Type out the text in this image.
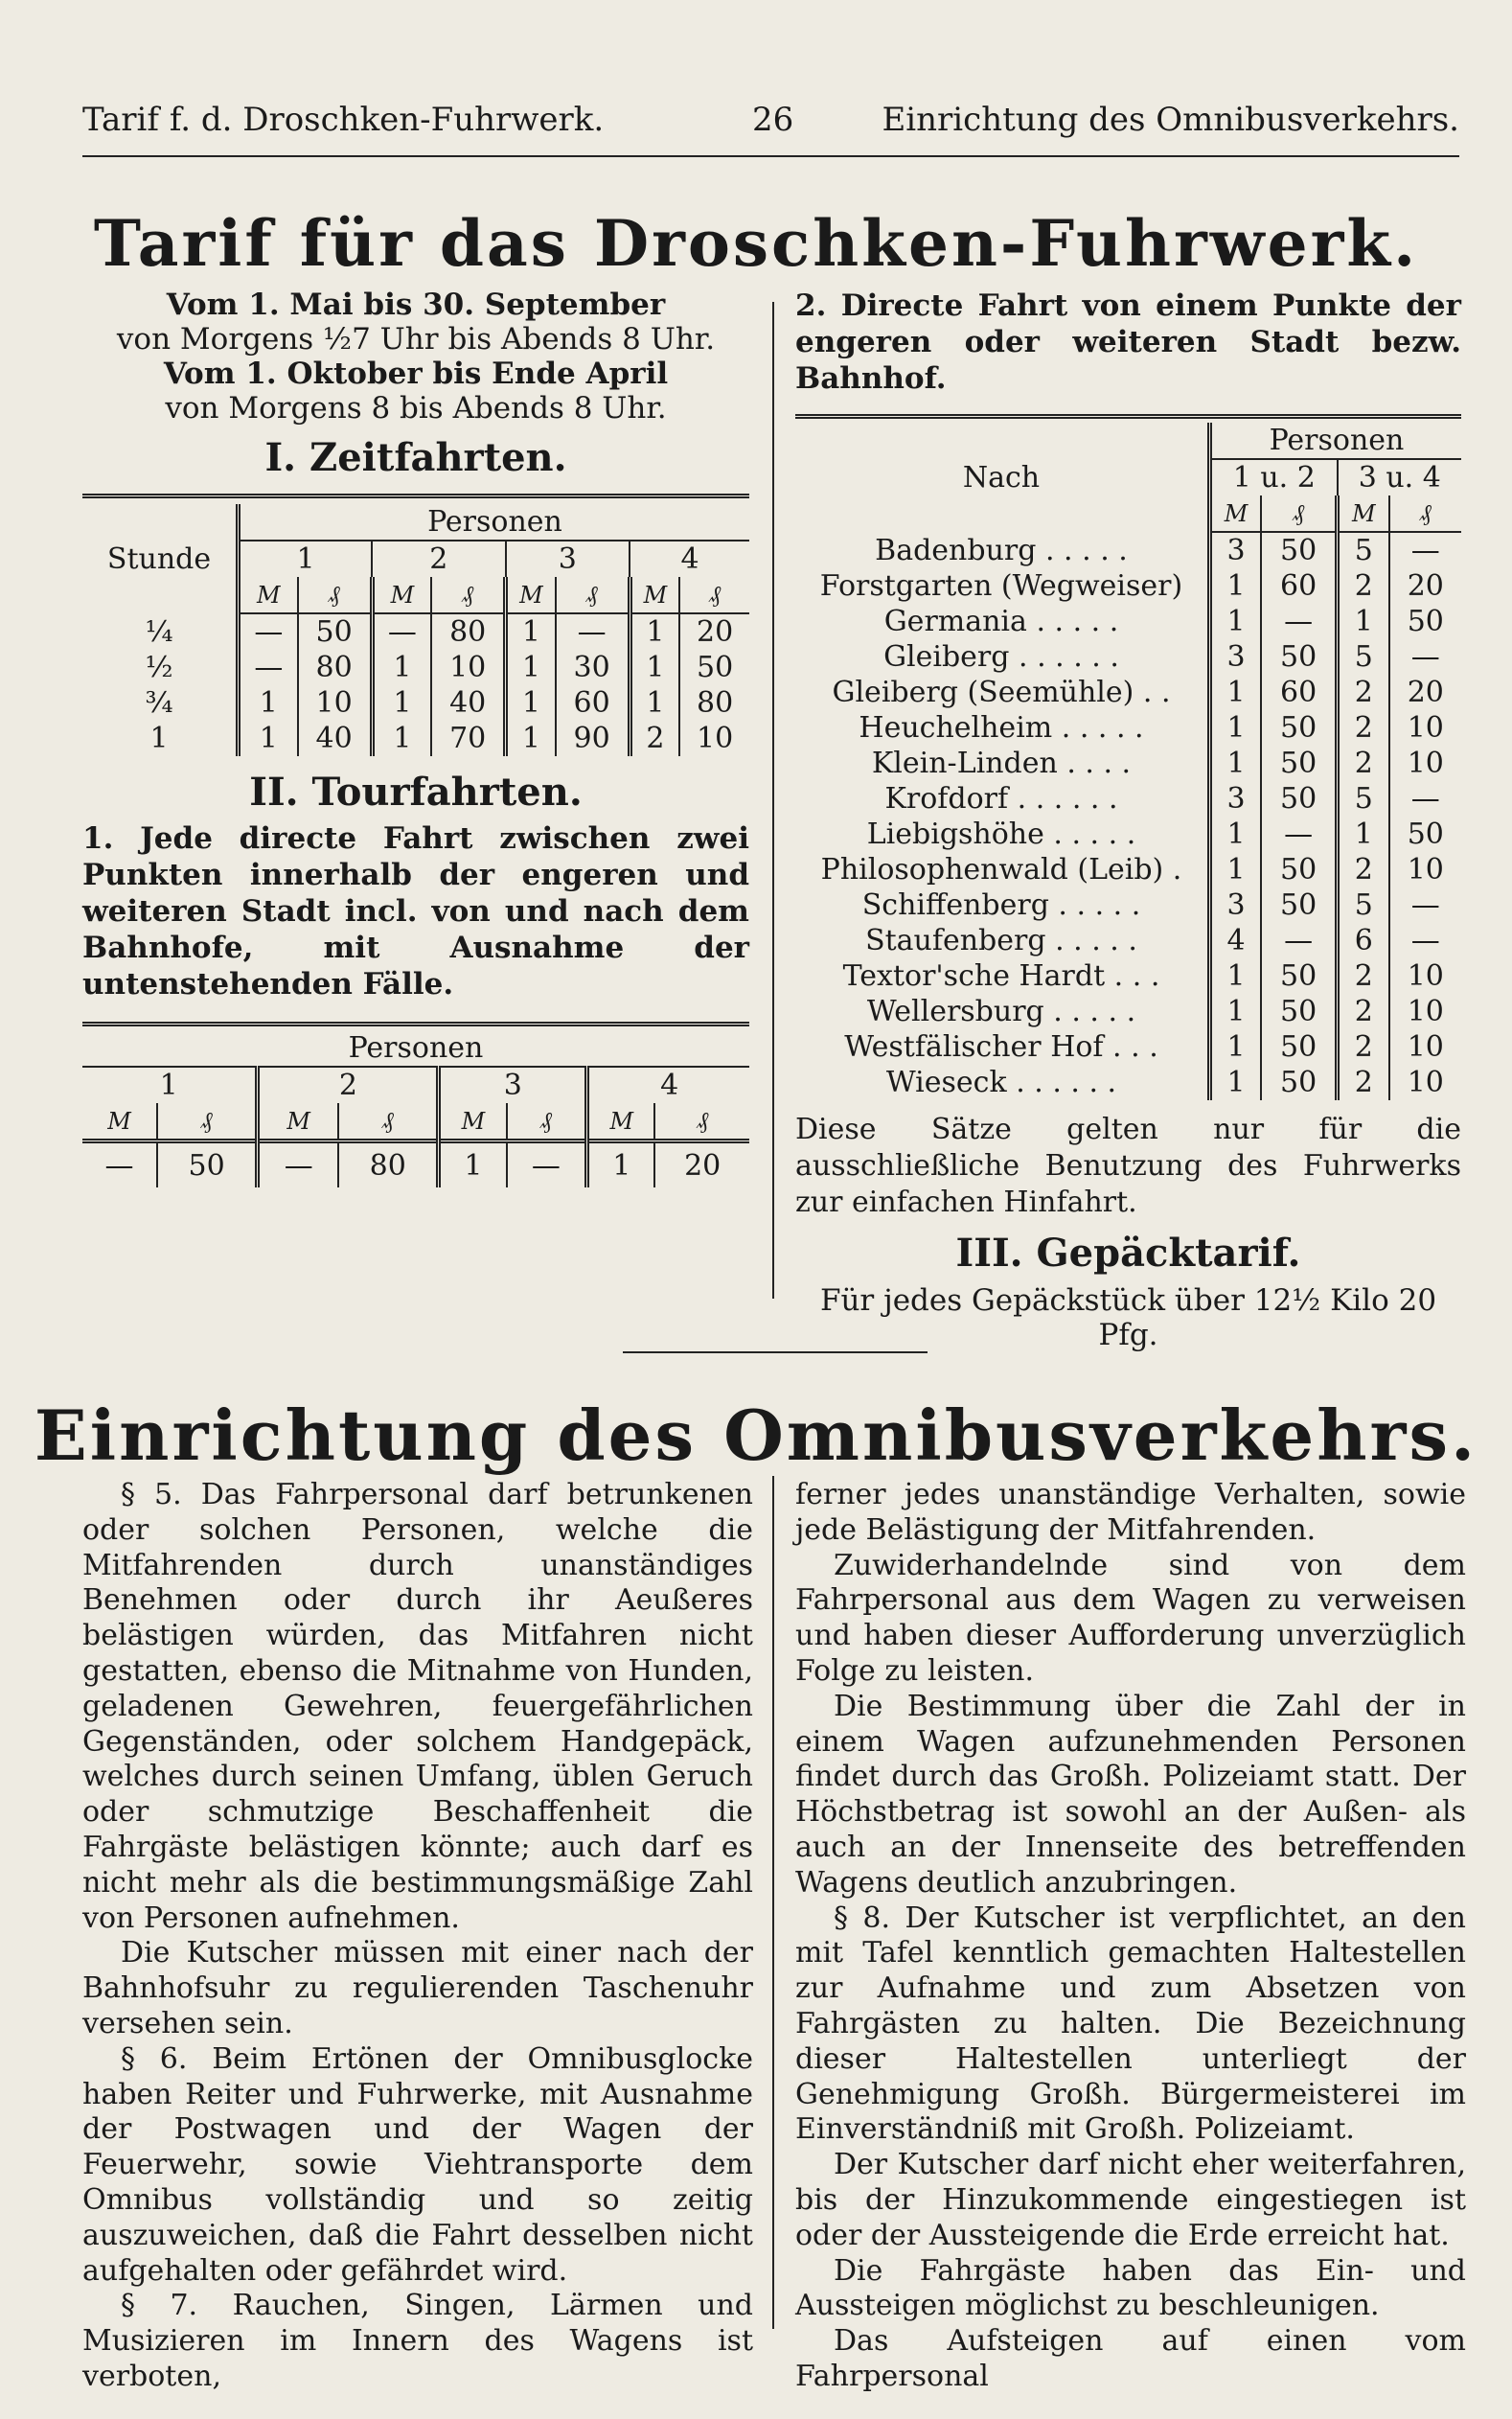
Tarif f. d. Droschken-Fuhrwerk.	26	Einrichtung des Omnibusverkehrs.
Tarif für das Droschken-Fuhrwerk.
Vom 1. Mai bis 30. September
von Morgens ½7 Uhr bis Abends 8 Uhr.
Vom 1. Oktober bis Ende April
von Morgens 8 bis Abends 8 Uhr.
I. Zeitfahrten.
Stunde	Personen							
	1		2		3		4	
	M	₰	M	₰	M	₰	M	₰
¼	—	50	—	80	1	—	1	20
½	—	80	1	10	1	30	1	50
¾	1	10	1	40	1	60	1	80
1	1	40	1	70	1	90	2	10
II. Tourfahrten.
1. Jede directe Fahrt zwischen zwei Punkten innerhalb der engeren und weiteren Stadt incl. von und nach dem Bahnhofe, mit Ausnahme der untenstehenden Fälle.
Personen							
1		2		3		4	
M	₰	M	₰	M	₰	M	₰
—	50	—	80	1	—	1	20
2. Directe Fahrt von einem Punkte der engeren oder weiteren Stadt bezw. Bahnhof.
Nach	Personen			
	1 u. 2		3 u. 4	
	M	₰	M	₰
Badenburg . . . . .	3	50	5	—
Forstgarten (Wegweiser)	1	60	2	20
Germania . . . . .	1	—	1	50
Gleiberg . . . . . .	3	50	5	—
Gleiberg (Seemühle) . .	1	60	2	20
Heuchelheim . . . . .	1	50	2	10
Klein-Linden . . . .	1	50	2	10
Krofdorf . . . . . .	3	50	5	—
Liebigshöhe . . . . .	1	—	1	50
Philosophenwald (Leib) .	1	50	2	10
Schiffenberg . . . . .	3	50	5	—
Staufenberg . . . . .	4	—	6	—
Textor'sche Hardt . . .	1	50	2	10
Wellersburg . . . . .	1	50	2	10
Westfälischer Hof . . .	1	50	2	10
Wieseck . . . . . .	1	50	2	10
Diese Sätze gelten nur für die ausschließliche Benutzung des Fuhrwerks zur einfachen Hinfahrt.
III. Gepäcktarif.
Für jedes Gepäckstück über 12½ Kilo 20 Pfg.
Einrichtung des Omnibusverkehrs.

§ 5. Das Fahrpersonal darf betrunkenen oder solchen Personen, welche die Mitfahrenden durch unanständiges Benehmen oder durch ihr Aeußeres belästigen würden, das Mitfahren nicht gestatten, ebenso die Mitnahme von Hunden, geladenen Gewehren, feuergefährlichen Gegenständen, oder solchem Handgepäck, welches durch seinen Umfang, üblen Geruch oder schmutzige Beschaffenheit die Fahrgäste belästigen könnte; auch darf es nicht mehr als die bestimmungsmäßige Zahl von Personen aufnehmen.

Die Kutscher müssen mit einer nach der Bahnhofsuhr zu regulierenden Taschenuhr versehen sein.

§ 6. Beim Ertönen der Omnibusglocke haben Reiter und Fuhrwerke, mit Ausnahme der Postwagen und der Wagen der Feuerwehr, sowie Viehtransporte dem Omnibus vollständig und so zeitig auszuweichen, daß die Fahrt desselben nicht aufgehalten oder gefährdet wird.

§ 7. Rauchen, Singen, Lärmen und Musizieren im Innern des Wagens ist verboten,

ferner jedes unanständige Verhalten, sowie jede Belästigung der Mitfahrenden.

Zuwiderhandelnde sind von dem Fahrpersonal aus dem Wagen zu verweisen und haben dieser Aufforderung unverzüglich Folge zu leisten.

Die Bestimmung über die Zahl der in einem Wagen aufzunehmenden Personen findet durch das Großh. Polizeiamt statt. Der Höchstbetrag ist sowohl an der Außen- als auch an der Innenseite des betreffenden Wagens deutlich anzubringen.

§ 8. Der Kutscher ist verpflichtet, an den mit Tafel kenntlich gemachten Haltestellen zur Aufnahme und zum Absetzen von Fahrgästen zu halten. Die Bezeichnung dieser Haltestellen unterliegt der Genehmigung Großh. Bürgermeisterei im Einverständniß mit Großh. Polizeiamt.

Der Kutscher darf nicht eher weiterfahren, bis der Hinzukommende eingestiegen ist oder der Aussteigende die Erde erreicht hat.

Die Fahrgäste haben das Ein- und Aussteigen möglichst zu beschleunigen.

Das Aufsteigen auf einen vom Fahrpersonal
